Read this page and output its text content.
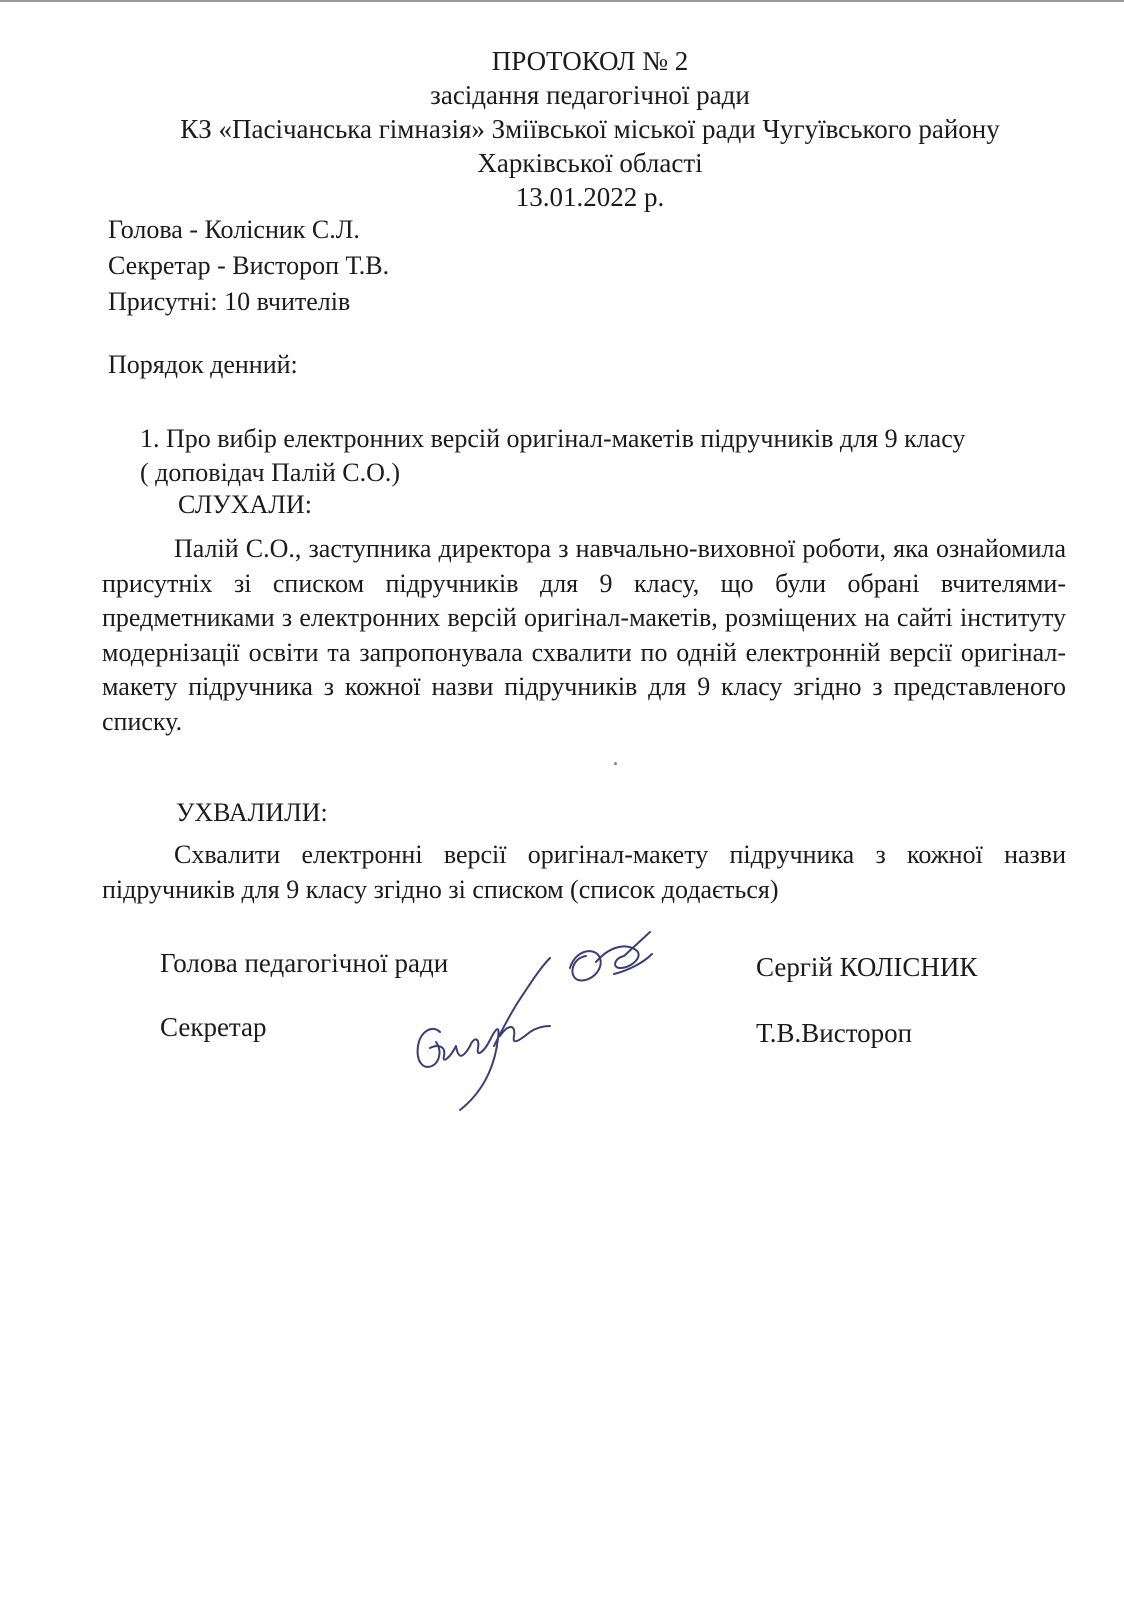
ПРОТОКОЛ № 2
засідання педагогічної ради
КЗ «Пасічанська гімназія» Зміївської міської ради Чугуївського району
Харківської області
13.01.2022 р.
Голова - Колісник С.Л.
Секретар - Висторoп Т.В.
Присутні: 10 вчителів
Порядок денний:
1. Про вибір електронних версій оригінал-макетів підручників для 9 класу
( доповідач Палій С.О.)
СЛУХАЛИ:
Палій С.О., заступника директора з навчально-виховної роботи, яка ознайомила присутніх зі списком підручників для 9 класу, що були обрані вчителями-предметниками з електронних версій оригінал-макетів, розміщених на сайті інституту модернізації освіти та запропонувала схвалити по одній електронній версії оригінал-макету підручника з кожної назви підручників для 9 класу згідно з представленого списку.
УХВАЛИЛИ:
Схвалити електронні версії оригінал-макету підручника з кожної назви підручників для 9 класу згідно зі списком (список додається)
Голова педагогічної ради	Сергій КОЛІСНИК
Секретар	Т.В.Висторoп
